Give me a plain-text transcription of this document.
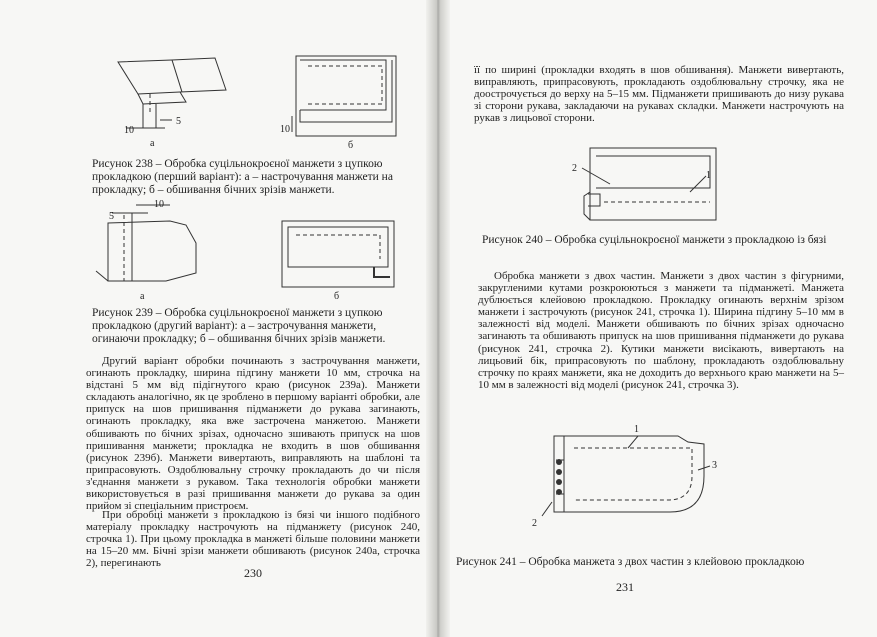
10
5
а
10
б
Рисунок 238 – Обробка суцільнокроєної манжети з цупкою прокладкою (перший варіант): а – настрочування манжети на прокладку; б – обшивання бічних зрізів манжети.
5
10
а	б
Рисунок 239 – Обробка суцільнокроєної манжети з цупкою прокладкою (другий варіант): а – застрочування манжети, огинаючи прокладку; б – обшивання бічних зрізів манжети.

Другий варіант обробки починають з застрочування манжети, огинають прокладку, ширина підгину манжети 10 мм, строчка на відстані 5 мм від підігнутого краю (рисунок 239а). Манжети складають аналогічно, як це зроблено в першому варіанті обробки, але припуск на шов пришивання підманжети до рукава загинають, огинають прокладку, яка вже застрочена манжетою. Манжети обшивають по бічних зрізах, одночасно зшивають припуск на шов пришивання манжети; прокладка не входить в шов обшивання (рисунок 239б). Манжети вивертають, виправляють на шаблоні та припрасовують. Оздоблювальну строчку прокладають до чи після з'єднання манжети з рукавом. Така технологія обробки манжети використовується в разі пришивання манжети до рукава за один прийом зі спеціальним пристроєм.

При обробці манжети з прокладкою із бязі чи іншого подібного матеріалу прокладку настрочують на підманжету (рисунок 240, строчка 1). При цьому прокладка в манжеті більше половини манжети на 15–20 мм. Бічні зрізи манжети обшивають (рисунок 240а, строчка 2), перегинають

230

її по ширині (прокладки входять в шов обшивання). Манжети вивертають, виправляють, припрасовують, прокладають оздоблювальну строчку, яка не доострочується до верху на 5–15 мм. Підманжети пришивають до низу рукава зі сторони рукава, закладаючи на рукавах складки. Манжети настрочують на рукав з лицьової сторони.

2
1
Рисунок 240 – Обробка суцільнокроєної манжети з прокладкою із бязі

Обробка манжети з двох частин. Манжети з двох частин з фігурними, закругленими кутами розкроюються з манжети та підманжеті. Манжета дублюється клейовою прокладкою. Прокладку огинають верхнім зрізом манжети і застрочують (рисунок 241, строчка 1). Ширина підгину 5–10 мм в залежності від моделі. Манжети обшивають по бічних зрізах одночасно загинають та обшивають припуск на шов пришивання підманжети до рукава (рисунок 241, строчка 2). Кутики манжети висікають, вивертають на лицьовий бік, припрасовують по шаблону, прокладають оздоблювальну строчку по краях манжети, яка не доходить до верхнього краю манжети на 5–10 мм в залежності від моделі (рисунок 241, строчка 3).

1
3
2
Рисунок 241 – Обробка манжета з двох частин з клейовою прокладкою
231
